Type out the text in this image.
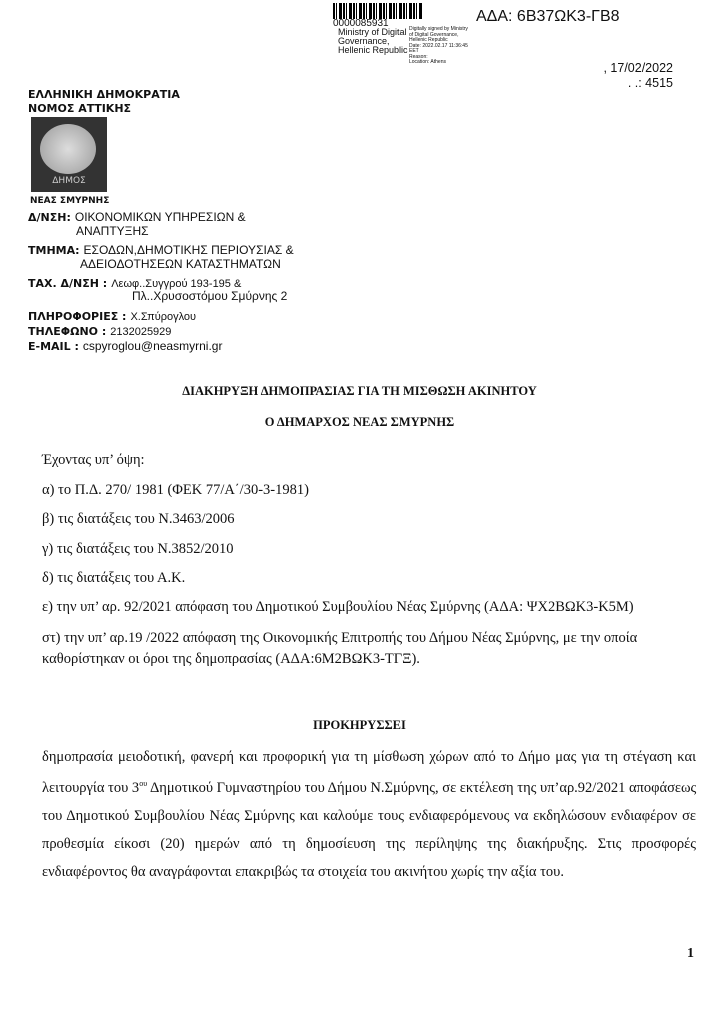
0000085931
Ministry of Digital
Governance,
Hellenic Republic
Digitally signed by Ministry
of Digital Governance,
Hellenic Republic
Date: 2022.02.17 11:36:45
EET
Reason:
Location: Athens
ΑΔΑ: 6Β37ΩΚ3-ΓΒ8
, 17/02/2022
. .: 4515
ΕΛΛΗΝΙΚΗ ΔΗΜΟΚΡΑΤΙΑ
ΝΟΜΟΣ ΑΤΤΙΚΗΣ
ΔΗΜΟΣ
ΝΕΑΣ ΣΜΥΡΝΗΣ
Δ/ΝΣΗ: ΟΙΚΟΝΟΜΙΚΩΝ ΥΠΗΡΕΣΙΩΝ &
ΑΝΑΠΤΥΞΗΣ
ΤΜΗΜΑ: ΕΣΟΔΩΝ,ΔΗΜΟΤΙΚΗΣ ΠΕΡΙΟΥΣΙΑΣ &
ΑΔΕΙΟΔΟΤΗΣΕΩΝ ΚΑΤΑΣΤΗΜΑΤΩΝ
ΤΑΧ. Δ/ΝΣΗ : Λεωφ..Συγγρού 193-195 &
Πλ..Χρυσοστόμου Σμύρνης 2
ΠΛΗΡΟΦΟΡΙΕΣ : Χ.Σπύρογλου
ΤΗΛΕΦΩΝΟ : 2132025929
E-MAIL : cspyroglou@neasmyrni.gr
ΔΙΑΚΗΡΥΞΗ ΔΗΜΟΠΡΑΣΙΑΣ ΓΙΑ ΤΗ ΜΙΣΘΩΣΗ ΑΚΙΝΗΤΟΥ
Ο ΔΗΜΑΡΧΟΣ ΝΕΑΣ ΣΜΥΡΝΗΣ
Έχοντας υπ’ όψη:
α) το Π.Δ. 270/ 1981 (ΦΕΚ 77/Α΄/30-3-1981)
β) τις διατάξεις του Ν.3463/2006
γ) τις διατάξεις του Ν.3852/2010
δ) τις διατάξεις του Α.Κ.
ε) την υπ’ αρ. 92/2021 απόφαση του Δημοτικού Συμβουλίου Νέας Σμύρνης (ΑΔΑ: ΨΧ2ΒΩΚ3-Κ5Μ)
στ) την υπ’ αρ.19 /2022 απόφαση της Οικονομικής Επιτροπής του Δήμου Νέας Σμύρνης, με την οποία
καθορίστηκαν οι όροι της δημοπρασίας (ΑΔΑ:6Μ2ΒΩΚ3-ΤΓΞ).
ΠΡΟΚΗΡΥΣΣΕΙ
δημοπρασία μειοδοτική, φανερή και προφορική για τη μίσθωση χώρων από το Δήμο μας για τη στέγαση και
λειτουργία του $3^{o\upsilon}$ Δημοτικού Γυμναστηρίου του Δήμου Ν.Σμύρνης, σε εκτέλεση της υπ’αρ.92/2021 αποφάσεως
του Δημοτικού Συμβουλίου Νέας Σμύρνης και καλούμε τους ενδιαφερόμενους να εκδηλώσουν ενδιαφέρον σε
προθεσμία είκοσι (20) ημερών από τη δημοσίευση της περίληψης της διακήρυξης. Στις προσφορές
ενδιαφέροντος θα αναγράφονται επακριβώς τα στοιχεία του ακινήτου χωρίς την αξία του.
1
